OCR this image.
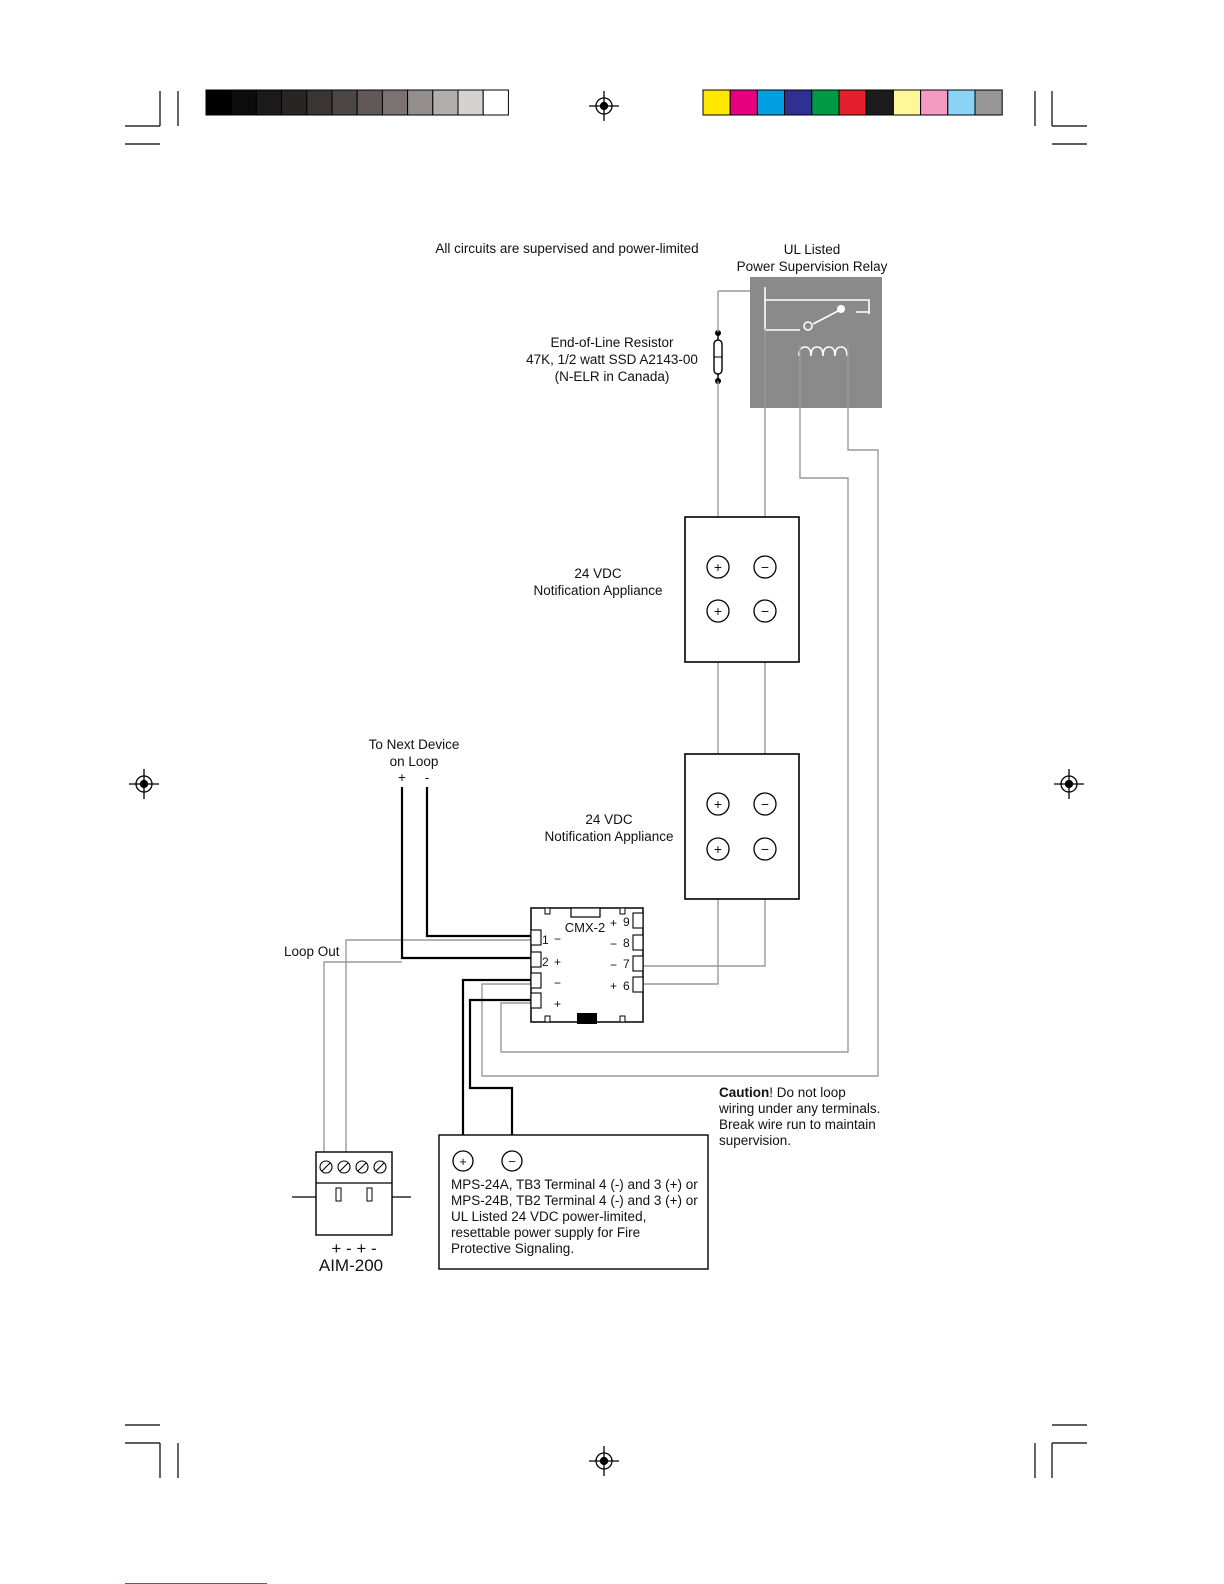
All circuits are supervised and power-limited	UL Listed
Power Supervision Relay
End-of-Line Resistor
47K, 1/2 watt SSD A2143-00
(N-ELR in Canada)
+	−
+	−
24 VDC
Notification Appliance
+	−
+	−
24 VDC
Notification Appliance
To Next Device
on Loop
+ -
Loop Out
CMX-2
1
2
9
8
7
6
−
+
−
+
+
−
−
+
Caution! Do not loop
wiring under any terminals.
Break wire run to maintain
supervision.
+	−
MPS-24A, TB3 Terminal 4 (-) and 3 (+) or
MPS-24B, TB2 Terminal 4 (-) and 3 (+) or
UL Listed 24 VDC power-limited,
resettable power supply for Fire
Protective Signaling.
+ - + -
AIM-200
